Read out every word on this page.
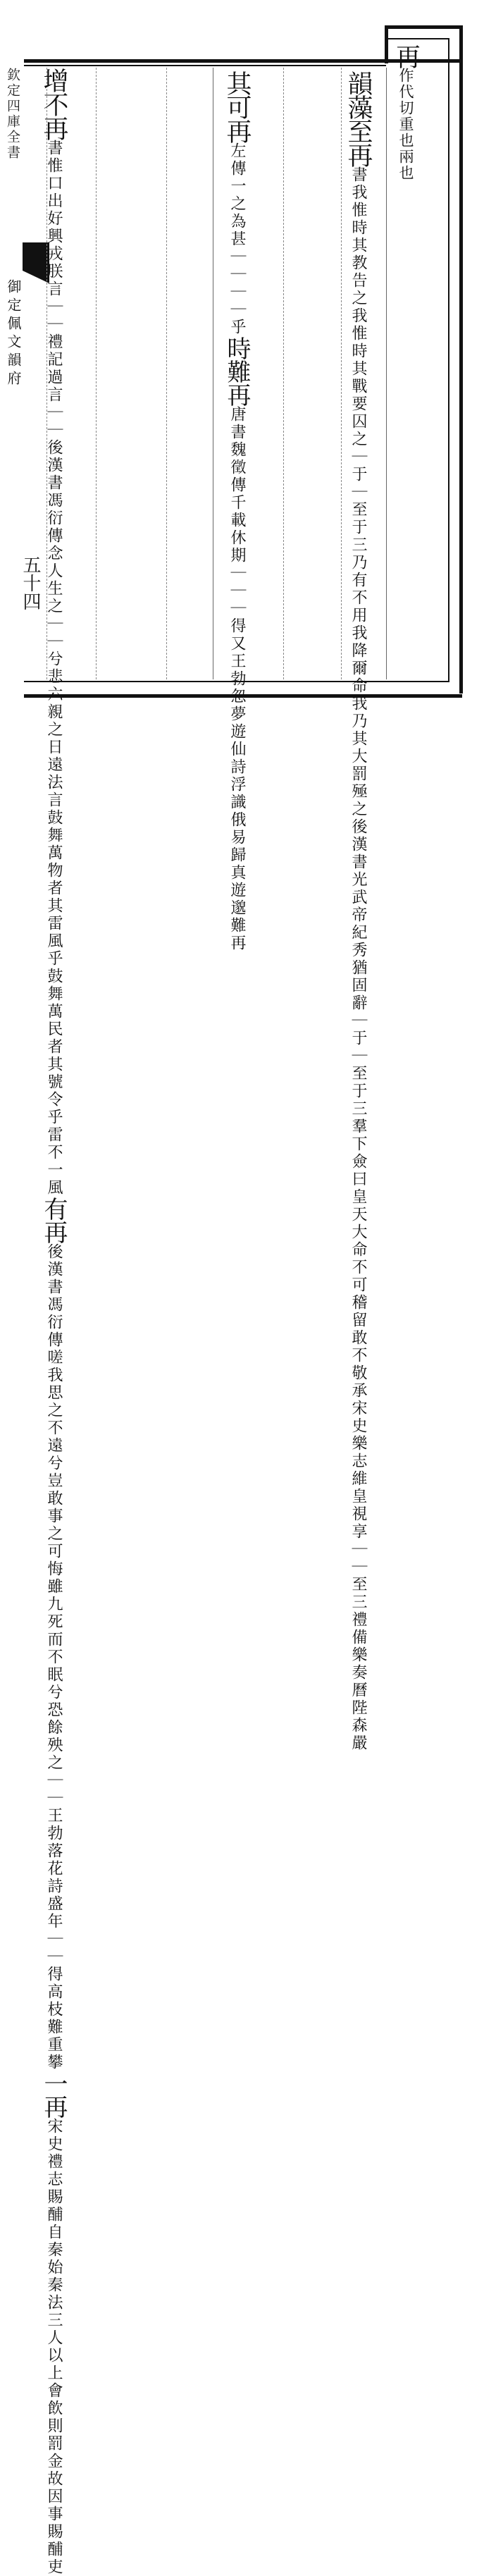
欽定四庫全書
御定佩文韻府
五十四
再作代切重也兩也
韻藻至再書我惟時其教告之我惟時其戰要囚之｜于｜至于三乃有不用我降爾命我乃其大罰殛之後漢書光武帝紀秀猶固辭｜于｜至于三羣下僉曰皇天大命不可稽留敢不敬承宋史樂志維皇視享｜｜至三禮備樂奏曆陛森嚴
其可再左傳一之為甚｜｜｜｜乎時難再唐書魏徵傳千載休期｜｜｜得又王勃忽夢遊仙詩浮識俄易歸真遊邈難再
增不再書惟口出好興戎朕言｜｜禮記過言｜｜後漢書馮衍傳念人生之｜｜兮悲六親之日遠法言鼓舞萬物者其雷風乎鼓舞萬民者其號令乎雷不一風有再後漢書馮衍傳嗟我思之不遠兮豈敢事之可悔雖九死而不眠兮恐餘殃之｜｜王勃落花詩盛年｜｜得高枝難重攀一再宋史禮志賜酺自秦始秦法三人以上會飲則罰金故因事賜酺吏
